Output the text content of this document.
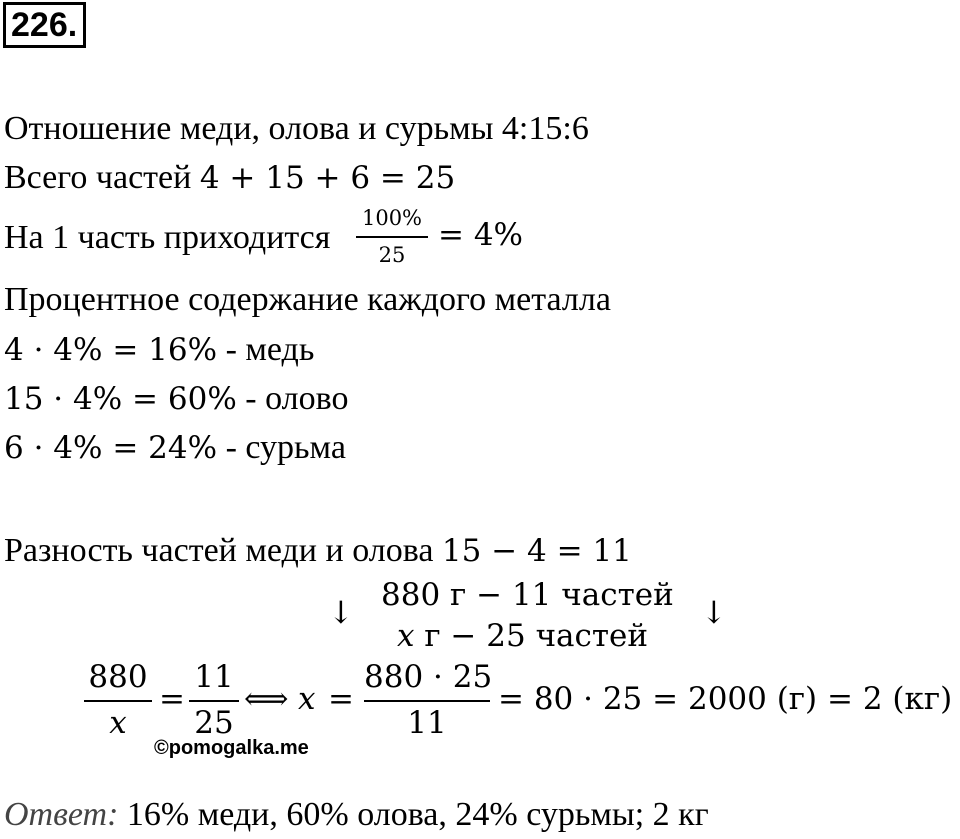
226.
Отношение меди, олова и сурьмы 4:15:6
Всего частей 4 + 15 + 6 = 25
На 1 часть приходится
100%
25
= 4%
Процентное содержание каждого металла
4 · 4% = 16% - медь
15 · 4% = 60% - олово
6 · 4% = 24% - сурьма
Разность частей меди и олова 15 − 4 = 11
↓ 880 г − 11 частей ↓
x г − 25 частей
880
x
=
11
25
⟺ x =
880 · 25
11
= 80 · 25 = 2000 (г) = 2 (кг)
©pomogalka.me
Ответ: 16% меди, 60% олова, 24% сурьмы; 2 кг
